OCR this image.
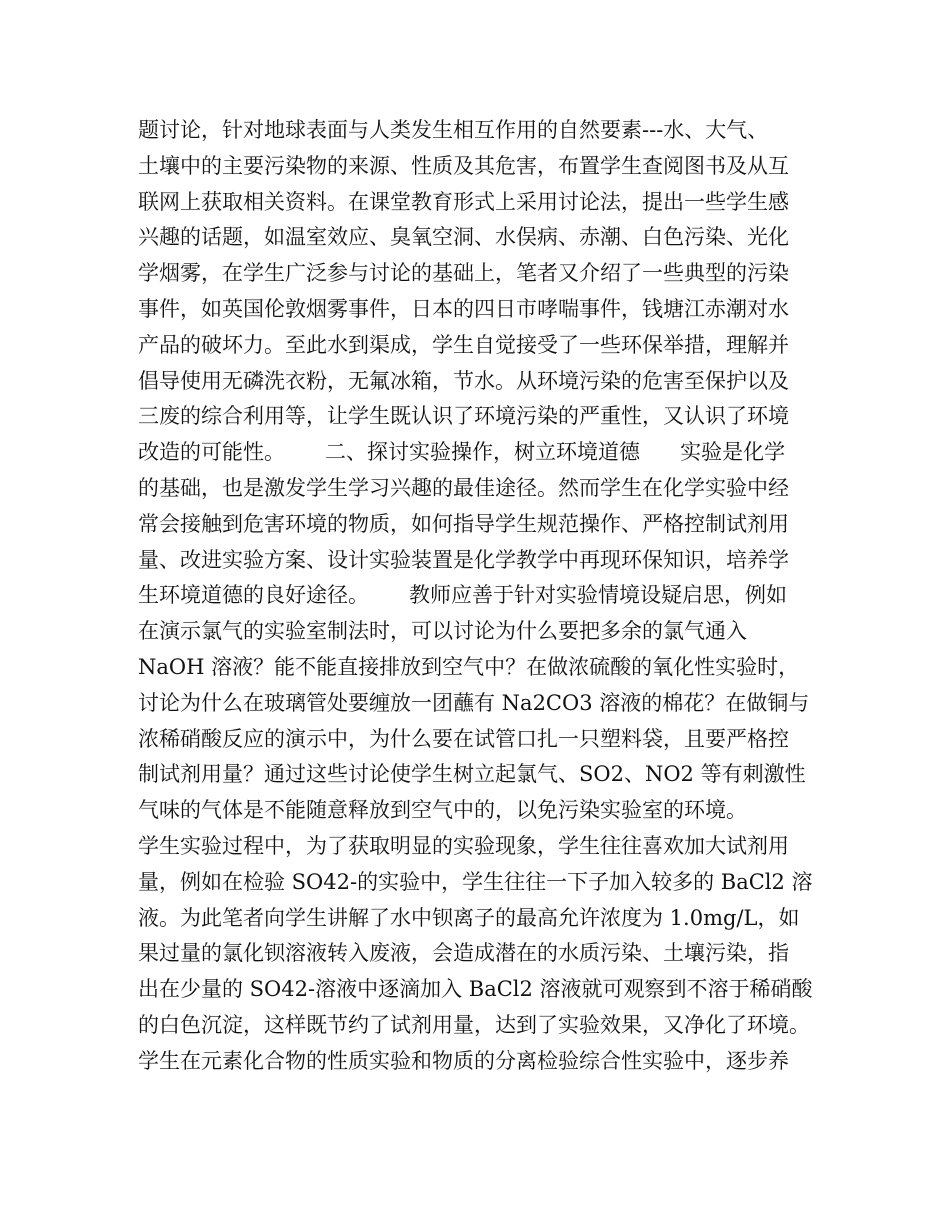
题讨论，针对地球表面与人类发生相互作用的自然要素---水、大气、
土壤中的主要污染物的来源、性质及其危害，布置学生查阅图书及从互
联网上获取相关资料。在课堂教育形式上采用讨论法，提出一些学生感
兴趣的话题，如温室效应、臭氧空洞、水俣病、赤潮、白色污染、光化
学烟雾，在学生广泛参与讨论的基础上，笔者又介绍了一些典型的污染
事件，如英国伦敦烟雾事件，日本的四日市哮喘事件，钱塘江赤潮对水
产品的破坏力。至此水到渠成，学生自觉接受了一些环保举措，理解并
倡导使用无磷洗衣粉，无氟冰箱，节水。从环境污染的危害至保护以及
三废的综合利用等，让学生既认识了环境污染的严重性，又认识了环境
改造的可能性。      二、探讨实验操作，树立环境道德      实验是化学
的基础，也是激发学生学习兴趣的最佳途径。然而学生在化学实验中经
常会接触到危害环境的物质，如何指导学生规范操作、严格控制试剂用
量、改进实验方案、设计实验装置是化学教学中再现环保知识，培养学
生环境道德的良好途径。      教师应善于针对实验情境设疑启思，例如
在演示氯气的实验室制法时，可以讨论为什么要把多余的氯气通入
NaOH 溶液？能不能直接排放到空气中？在做浓硫酸的氧化性实验时，
讨论为什么在玻璃管处要缠放一团蘸有 Na2CO3 溶液的棉花？在做铜与
浓稀硝酸反应的演示中，为什么要在试管口扎一只塑料袋，且要严格控
制试剂用量？通过这些讨论使学生树立起氯气、SO2、NO2 等有刺激性
气味的气体是不能随意释放到空气中的，以免污染实验室的环境。
学生实验过程中，为了获取明显的实验现象，学生往往喜欢加大试剂用
量，例如在检验 SO42-的实验中，学生往往一下子加入较多的 BaCl2 溶
液。为此笔者向学生讲解了水中钡离子的最高允许浓度为 1.0mg/L，如
果过量的氯化钡溶液转入废液，会造成潜在的水质污染、土壤污染，指
出在少量的 SO42-溶液中逐滴加入 BaCl2 溶液就可观察到不溶于稀硝酸
的白色沉淀，这样既节约了试剂用量，达到了实验效果，又净化了环境。
学生在元素化合物的性质实验和物质的分离检验综合性实验中，逐步养
